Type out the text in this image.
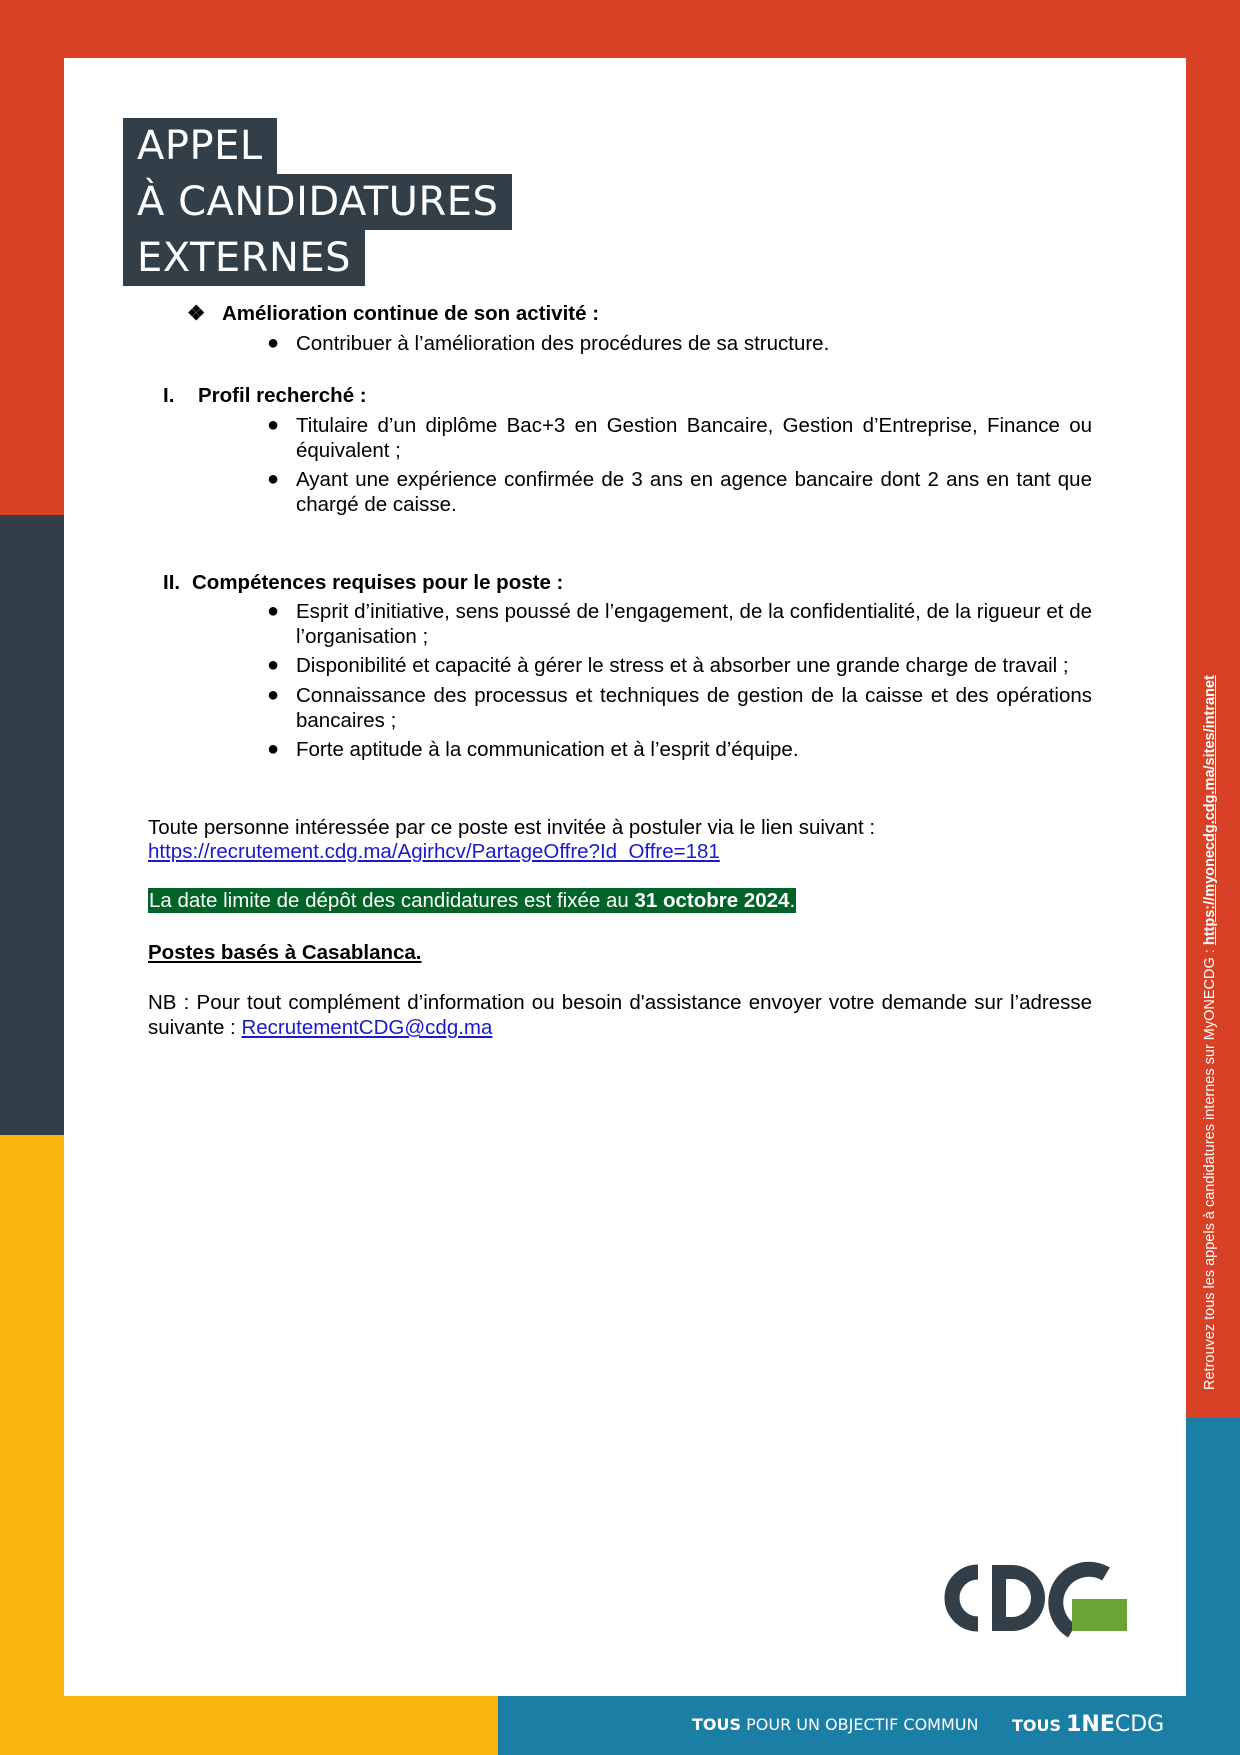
APPEL
À CANDIDATURES
EXTERNES
❖ Amélioration continue de son activité :
● Contribuer à l’amélioration des procédures de sa structure.
I. Profil recherché :
● Titulaire d’un diplôme Bac+3 en Gestion Bancaire, Gestion d’Entreprise, Finance ou équivalent ;
● Ayant une expérience confirmée de 3 ans en agence bancaire dont 2 ans en tant que chargé de caisse.
II. Compétences requises pour le poste :
● Esprit d’initiative, sens poussé de l’engagement, de la confidentialité, de la rigueur et de l’organisation ;
● Disponibilité et capacité à gérer le stress et à absorber une grande charge de travail ;
● Connaissance des processus et techniques de gestion de la caisse et des opérations bancaires ;
● Forte aptitude à la communication et à l’esprit d’équipe.
Toute personne intéressée par ce poste est invitée à postuler via le lien suivant :
https://recrutement.cdg.ma/Agirhcv/PartageOffre?Id_Offre=181
La date limite de dépôt des candidatures est fixée au 31 octobre 2024.
Postes basés à Casablanca.
NB : Pour tout complément d’information ou besoin d'assistance envoyer votre demande sur l’adresse suivante : RecrutementCDG@cdg.ma	Retrouvez tous les appels à candidatures internes sur MyONECDG : https://myonecdg.cdg.ma/sites/intranet
TOUS POUR UN OBJECTIF COMMUN TOUS 1NECDG
